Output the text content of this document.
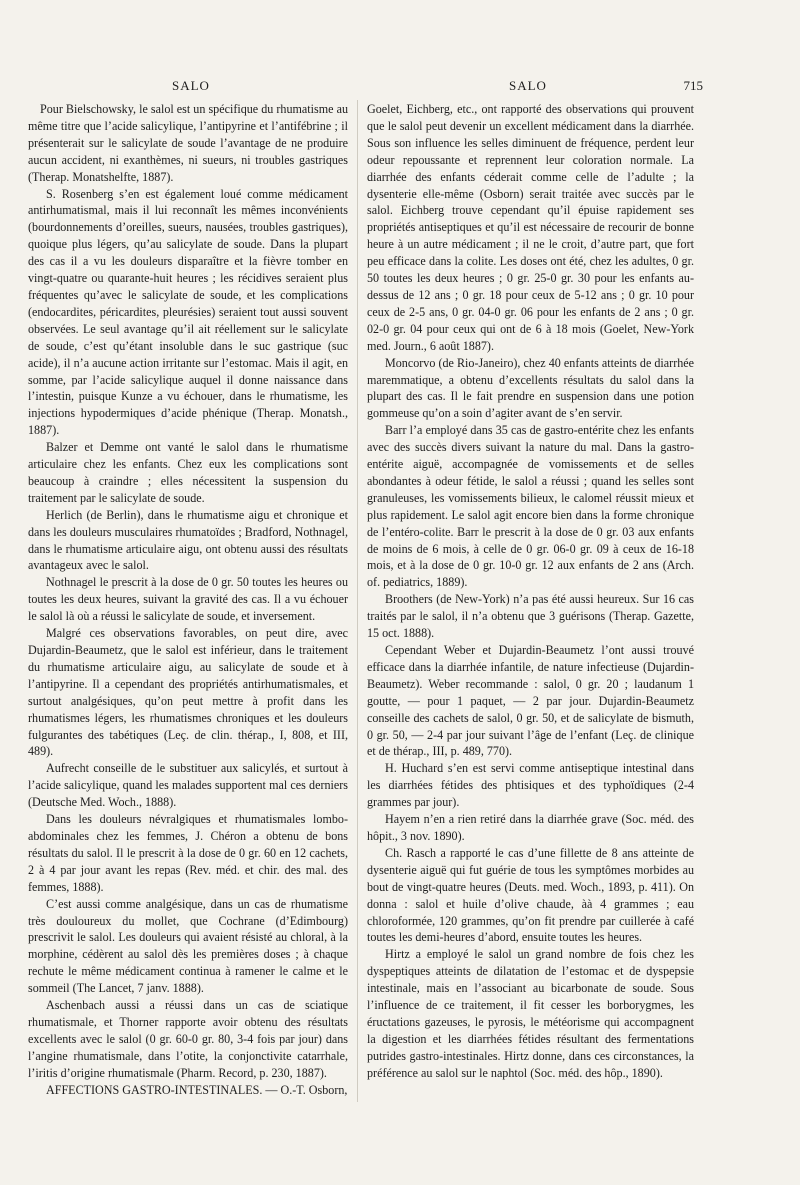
SALO	SALO	715

Pour Bielschowsky, le salol est un spécifique du rhumatisme au même titre que l’acide salicylique, l’antipyrine et l’antifébrine ; il présenterait sur le salicylate de soude l’avantage de ne produire aucun accident, ni exanthèmes, ni sueurs, ni troubles gastriques (Therap. Monatshelfte, 1887).

S. Rosenberg s’en est également loué comme médicament antirhumatismal, mais il lui reconnaît les mêmes inconvénients (bourdonnements d’oreilles, sueurs, nausées, troubles gastriques), quoique plus légers, qu’au salicylate de soude. Dans la plupart des cas il a vu les douleurs disparaître et la fièvre tomber en vingt-quatre ou quarante-huit heures ; les récidives seraient plus fréquentes qu’avec le salicylate de soude, et les complications (endocardites, péricardites, pleurésies) seraient tout aussi souvent observées. Le seul avantage qu’il ait réellement sur le salicylate de soude, c’est qu’étant insoluble dans le suc gastrique (suc acide), il n’a aucune action irritante sur l’estomac. Mais il agit, en somme, par l’acide salicylique auquel il donne naissance dans l’intestin, puisque Kunze a vu échouer, dans le rhumatisme, les injections hypodermiques d’acide phénique (Therap. Monatsh., 1887).

Balzer et Demme ont vanté le salol dans le rhumatisme articulaire chez les enfants. Chez eux les complications sont beaucoup à craindre ; elles nécessitent la suspension du traitement par le salicylate de soude.

Herlich (de Berlin), dans le rhumatisme aigu et chronique et dans les douleurs musculaires rhumatoïdes ; Bradford, Nothnagel, dans le rhumatisme articulaire aigu, ont obtenu aussi des résultats avantageux avec le salol.

Nothnagel le prescrit à la dose de 0 gr. 50 toutes les heures ou toutes les deux heures, suivant la gravité des cas. Il a vu échouer le salol là où a réussi le salicylate de soude, et inversement.

Malgré ces observations favorables, on peut dire, avec Dujardin-Beaumetz, que le salol est inférieur, dans le traitement du rhumatisme articulaire aigu, au salicylate de soude et à l’antipyrine. Il a cependant des propriétés antirhumatismales, et surtout analgésiques, qu’on peut mettre à profit dans les rhumatismes légers, les rhumatismes chroniques et les douleurs fulgurantes des tabétiques (Leç. de clin. thérap., I, 808, et III, 489).

Aufrecht conseille de le substituer aux salicylés, et surtout à l’acide salicylique, quand les malades supportent mal ces derniers (Deutsche Med. Woch., 1888).

Dans les douleurs névralgiques et rhumatismales lombo-abdominales chez les femmes, J. Chéron a obtenu de bons résultats du salol. Il le prescrit à la dose de 0 gr. 60 en 12 cachets, 2 à 4 par jour avant les repas (Rev. méd. et chir. des mal. des femmes, 1888).

C’est aussi comme analgésique, dans un cas de rhumatisme très douloureux du mollet, que Cochrane (d’Edimbourg) prescrivit le salol. Les douleurs qui avaient résisté au chloral, à la morphine, cédèrent au salol dès les premières doses ; à chaque rechute le même médicament continua à ramener le calme et le sommeil (The Lancet, 7 janv. 1888).

Aschenbach aussi a réussi dans un cas de sciatique rhumatismale, et Thorner rapporte avoir obtenu des résultats excellents avec le salol (0 gr. 60-0 gr. 80, 3-4 fois par jour) dans l’angine rhumatismale, dans l’otite, la conjonctivite catarrhale, l’iritis d’origine rhumatismale (Pharm. Record, p. 230, 1887).

AFFECTIONS GASTRO-INTESTINALES. — O.-T. Osborn,

Goelet, Eichberg, etc., ont rapporté des observations qui prouvent que le salol peut devenir un excellent médicament dans la diarrhée. Sous son influence les selles diminuent de fréquence, perdent leur odeur repoussante et reprennent leur coloration normale. La diarrhée des enfants céderait comme celle de l’adulte ; la dysenterie elle-même (Osborn) serait traitée avec succès par le salol. Eichberg trouve cependant qu’il épuise rapidement ses propriétés antiseptiques et qu’il est nécessaire de recourir de bonne heure à un autre médicament ; il ne le croit, d’autre part, que fort peu efficace dans la colite. Les doses ont été, chez les adultes, 0 gr. 50 toutes les deux heures ; 0 gr. 25-0 gr. 30 pour les enfants au-dessus de 12 ans ; 0 gr. 18 pour ceux de 5-12 ans ; 0 gr. 10 pour ceux de 2-5 ans, 0 gr. 04-0 gr. 06 pour les enfants de 2 ans ; 0 gr. 02-0 gr. 04 pour ceux qui ont de 6 à 18 mois (Goelet, New-York med. Journ., 6 août 1887).

Moncorvo (de Rio-Janeiro), chez 40 enfants atteints de diarrhée maremmatique, a obtenu d’excellents résultats du salol dans la plupart des cas. Il le fait prendre en suspension dans une potion gommeuse qu’on a soin d’agiter avant de s’en servir.

Barr l’a employé dans 35 cas de gastro-entérite chez les enfants avec des succès divers suivant la nature du mal. Dans la gastro-entérite aiguë, accompagnée de vomissements et de selles abondantes à odeur fétide, le salol a réussi ; quand les selles sont granuleuses, les vomissements bilieux, le calomel réussit mieux et plus rapidement. Le salol agit encore bien dans la forme chronique de l’entéro-colite. Barr le prescrit à la dose de 0 gr. 03 aux enfants de moins de 6 mois, à celle de 0 gr. 06-0 gr. 09 à ceux de 16-18 mois, et à la dose de 0 gr. 10-0 gr. 12 aux enfants de 2 ans (Arch. of. pediatrics, 1889).

Broothers (de New-York) n’a pas été aussi heureux. Sur 16 cas traités par le salol, il n’a obtenu que 3 guérisons (Therap. Gazette, 15 oct. 1888).

Cependant Weber et Dujardin-Beaumetz l’ont aussi trouvé efficace dans la diarrhée infantile, de nature infectieuse (Dujardin-Beaumetz). Weber recommande : salol, 0 gr. 20 ; laudanum 1 goutte, — pour 1 paquet, — 2 par jour. Dujardin-Beaumetz conseille des cachets de salol, 0 gr. 50, et de salicylate de bismuth, 0 gr. 50, — 2-4 par jour suivant l’âge de l’enfant (Leç. de clinique et de thérap., III, p. 489, 770).

H. Huchard s’en est servi comme antiseptique intestinal dans les diarrhées fétides des phtisiques et des typhoïdiques (2-4 grammes par jour).

Hayem n’en a rien retiré dans la diarrhée grave (Soc. méd. des hôpit., 3 nov. 1890).

Ch. Rasch a rapporté le cas d’une fillette de 8 ans atteinte de dysenterie aiguë qui fut guérie de tous les symptômes morbides au bout de vingt-quatre heures (Deuts. med. Woch., 1893, p. 411). On donna : salol et huile d’olive chaude, àà 4 grammes ; eau chloroformée, 120 grammes, qu’on fit prendre par cuillerée à café toutes les demi-heures d’abord, ensuite toutes les heures.

Hirtz a employé le salol un grand nombre de fois chez les dyspeptiques atteints de dilatation de l’estomac et de dyspepsie intestinale, mais en l’associant au bicarbonate de soude. Sous l’influence de ce traitement, il fit cesser les borborygmes, les éructations gazeuses, le pyrosis, le météorisme qui accompagnent la digestion et les diarrhées fétides résultant des fermentations putrides gastro-intestinales. Hirtz donne, dans ces circonstances, la préférence au salol sur le naphtol (Soc. méd. des hôp., 1890).
